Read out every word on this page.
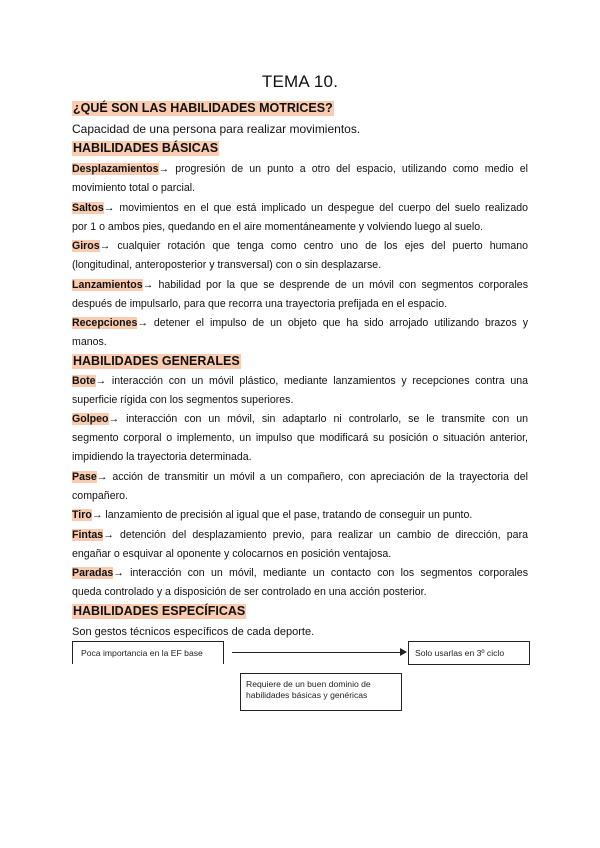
TEMA 10.
¿QUÉ SON LAS HABILIDADES MOTRICES?
Capacidad de una persona para realizar movimientos.
HABILIDADES BÁSICAS
Desplazamientos→ progresión de un punto a otro del espacio, utilizando como medio el
movimiento total o parcial.
Saltos→ movimientos en el que está implicado un despegue del cuerpo del suelo realizado
por 1 o ambos pies, quedando en el aire momentáneamente y volviendo luego al suelo.
Giros→ cualquier rotación que tenga como centro uno de los ejes del puerto humano
(longitudinal, anteroposterior y transversal) con o sin desplazarse.
Lanzamientos→ habilidad por la que se desprende de un móvil con segmentos corporales
después de impulsarlo, para que recorra una trayectoria prefijada en el espacio.
Recepciones→ detener el impulso de un objeto que ha sido arrojado utilizando brazos y
manos.
HABILIDADES GENERALES
Bote→ interacción con un móvil plástico, mediante lanzamientos y recepciones contra una
superficie rígida con los segmentos superiores.
Golpeo→ interacción con un móvil, sin adaptarlo ni controlarlo, se le transmite con un
segmento corporal o implemento, un impulso que modificará su posición o situación anterior,
impidiendo la trayectoria determinada.
Pase→ acción de transmitir un móvil a un compañero, con apreciación de la trayectoria del
compañero.
Tiro→ lanzamiento de precisión al igual que el pase, tratando de conseguir un punto.
Fintas→ detención del desplazamiento previo, para realizar un cambio de dirección, para
engañar o esquivar al oponente y colocarnos en posición ventajosa.
Paradas→ interacción con un móvil, mediante un contacto con los segmentos corporales
queda controlado y a disposición de ser controlado en una acción posterior.
HABILIDADES ESPECÍFICAS
Son gestos técnicos específicos de cada deporte.
Poca importancia en la EF base	Solo usarlas en 3º ciclo
Requiere de un buen dominio de
habilidades básicas y genéricas
